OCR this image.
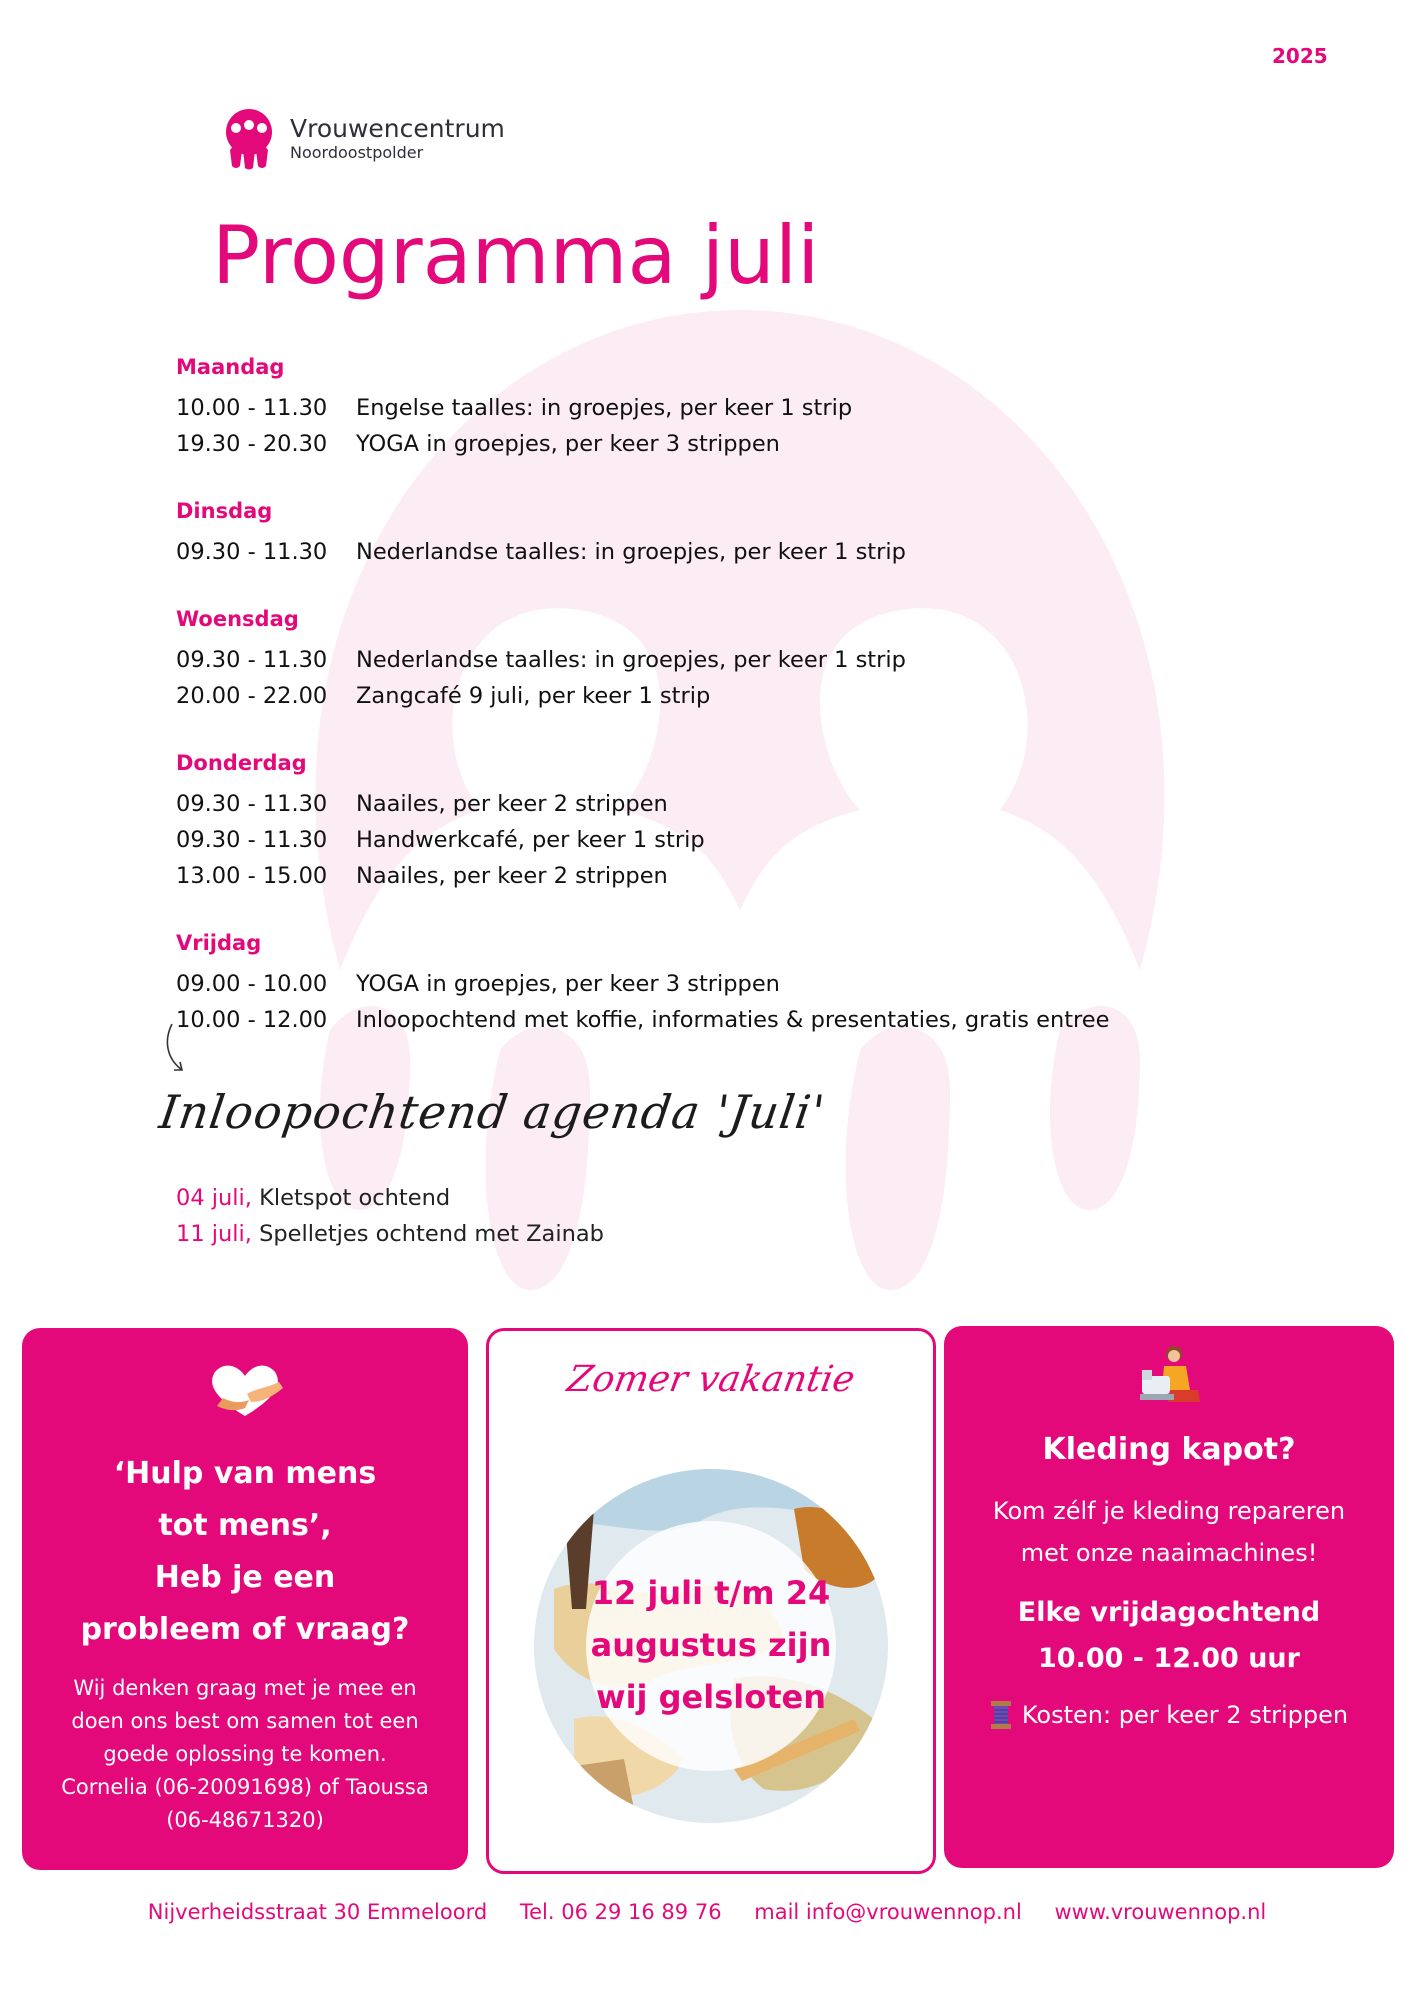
2025
Vrouwencentrum
Noordoostpolder
Programma juli
Maandag
10.00 - 11.30	Engelse taalles: in groepjes, per keer 1 strip
19.30 - 20.30	YOGA in groepjes, per keer 3 strippen
Dinsdag
09.30 - 11.30	Nederlandse taalles: in groepjes, per keer 1 strip
Woensdag
09.30 - 11.30	Nederlandse taalles: in groepjes, per keer 1 strip
20.00 - 22.00	Zangcafé 9 juli, per keer 1 strip
Donderdag
09.30 - 11.30	Naailes, per keer 2 strippen
09.30 - 11.30	Handwerkcafé, per keer 1 strip
13.00 - 15.00	Naailes, per keer 2 strippen
Vrijdag
09.00 - 10.00	YOGA in groepjes, per keer 3 strippen
10.00 - 12.00	Inloopochtend met koffie, informaties & presentaties, gratis entree
Inloopochtend agenda 'Juli'
04 juli, Kletspot ochtend
11 juli, Spelletjes ochtend met Zainab
‘Hulp van mens
tot mens’,
Heb je een
probleem of vraag?
Wij denken graag met je mee en
doen ons best om samen tot een
goede oplossing te komen.
Cornelia (06-20091698) of Taoussa
(06-48671320)
Zomer vakantie
12 juli t/m 24
augustus zijn
wij gelsloten
Kleding kapot?
Kom zélf je kleding repareren
met onze naaimachines!
Elke vrijdagochtend
10.00 - 12.00 uur
Kosten: per keer 2 strippen
Nijverheidsstraat 30 Emmeloord Tel. 06 29 16 89 76 mail info@vrouwennop.nl www.vrouwennop.nl
